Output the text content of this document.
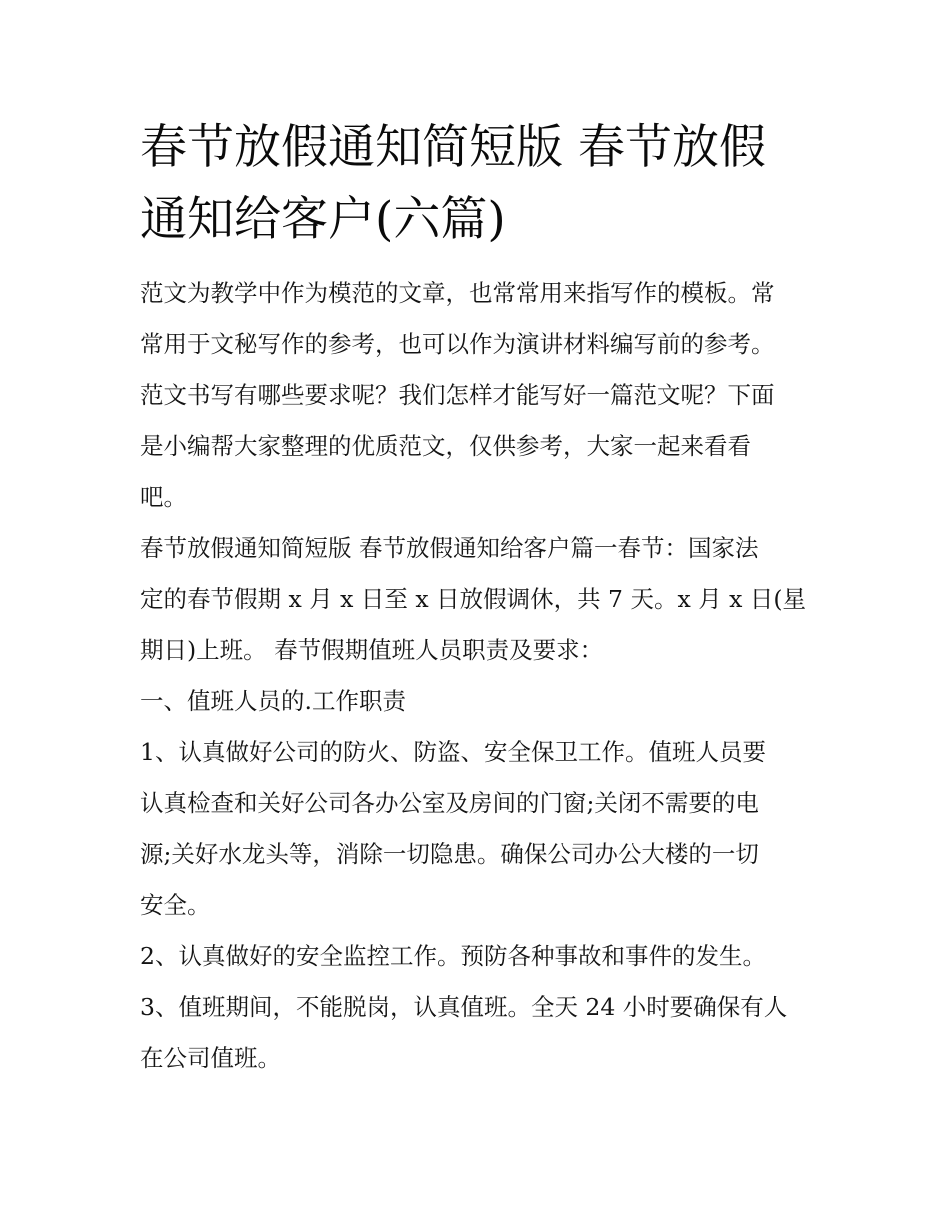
春节放假通知简短版 春节放假
通知给客户(六篇)

范文为教学中作为模范的文章，也常常用来指写作的模板。常
常用于文秘写作的参考，也可以作为演讲材料编写前的参考。
范文书写有哪些要求呢？我们怎样才能写好一篇范文呢？下面
是小编帮大家整理的优质范文，仅供参考，大家一起来看看
吧。

春节放假通知简短版 春节放假通知给客户篇一春节：国家法
定的春节假期 x 月 x 日至 x 日放假调休，共 7 天。x 月 x 日(星
期日)上班。 春节假期值班人员职责及要求：

一、值班人员的.工作职责

1、认真做好公司的防火、防盗、安全保卫工作。值班人员要
认真检查和关好公司各办公室及房间的门窗;关闭不需要的电
源;关好水龙头等，消除一切隐患。确保公司办公大楼的一切
安全。

2、认真做好的安全监控工作。预防各种事故和事件的发生。

3、值班期间，不能脱岗，认真值班。全天 24 小时要确保有人
在公司值班。
